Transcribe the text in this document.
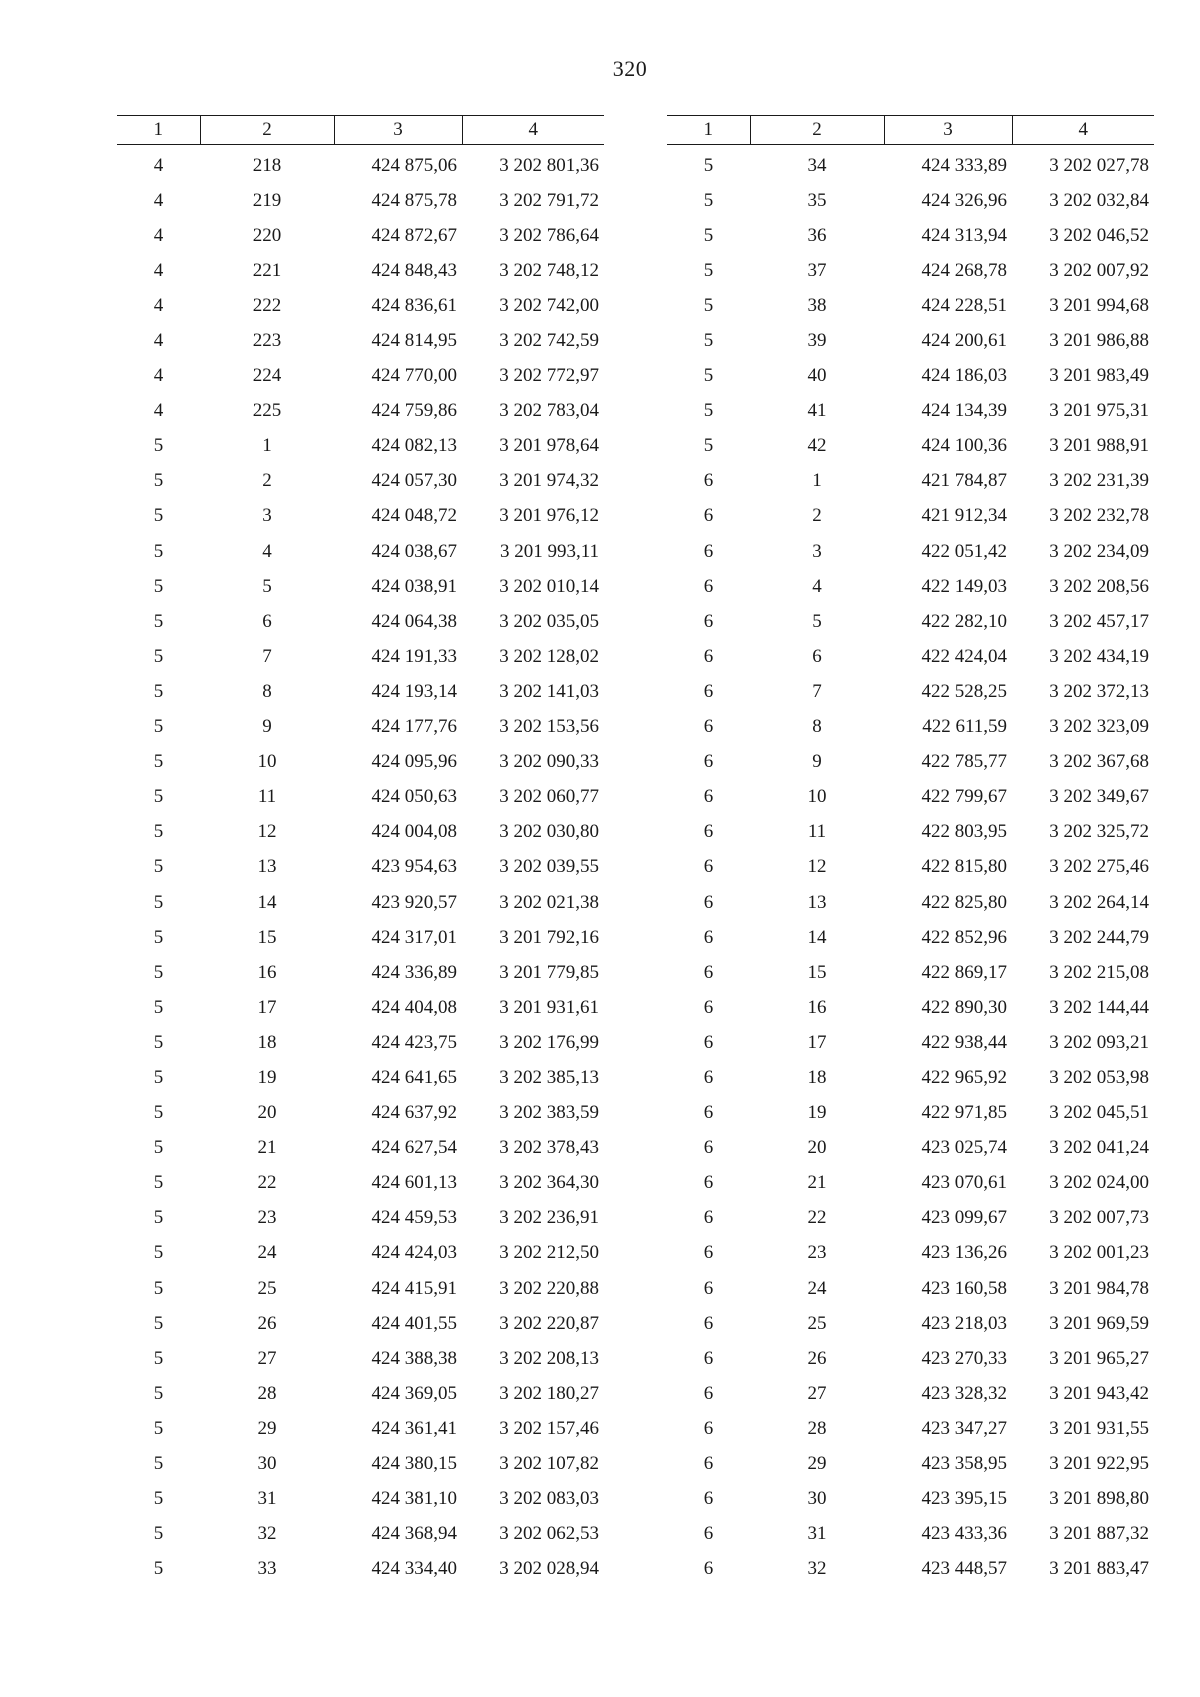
320
1	2	3	4
4	218	424 875,06	3 202 801,36
4	219	424 875,78	3 202 791,72
4	220	424 872,67	3 202 786,64
4	221	424 848,43	3 202 748,12
4	222	424 836,61	3 202 742,00
4	223	424 814,95	3 202 742,59
4	224	424 770,00	3 202 772,97
4	225	424 759,86	3 202 783,04
5	1	424 082,13	3 201 978,64
5	2	424 057,30	3 201 974,32
5	3	424 048,72	3 201 976,12
5	4	424 038,67	3 201 993,11
5	5	424 038,91	3 202 010,14
5	6	424 064,38	3 202 035,05
5	7	424 191,33	3 202 128,02
5	8	424 193,14	3 202 141,03
5	9	424 177,76	3 202 153,56
5	10	424 095,96	3 202 090,33
5	11	424 050,63	3 202 060,77
5	12	424 004,08	3 202 030,80
5	13	423 954,63	3 202 039,55
5	14	423 920,57	3 202 021,38
5	15	424 317,01	3 201 792,16
5	16	424 336,89	3 201 779,85
5	17	424 404,08	3 201 931,61
5	18	424 423,75	3 202 176,99
5	19	424 641,65	3 202 385,13
5	20	424 637,92	3 202 383,59
5	21	424 627,54	3 202 378,43
5	22	424 601,13	3 202 364,30
5	23	424 459,53	3 202 236,91
5	24	424 424,03	3 202 212,50
5	25	424 415,91	3 202 220,88
5	26	424 401,55	3 202 220,87
5	27	424 388,38	3 202 208,13
5	28	424 369,05	3 202 180,27
5	29	424 361,41	3 202 157,46
5	30	424 380,15	3 202 107,82
5	31	424 381,10	3 202 083,03
5	32	424 368,94	3 202 062,53
5	33	424 334,40	3 202 028,94
1	2	3	4
5	34	424 333,89	3 202 027,78
5	35	424 326,96	3 202 032,84
5	36	424 313,94	3 202 046,52
5	37	424 268,78	3 202 007,92
5	38	424 228,51	3 201 994,68
5	39	424 200,61	3 201 986,88
5	40	424 186,03	3 201 983,49
5	41	424 134,39	3 201 975,31
5	42	424 100,36	3 201 988,91
6	1	421 784,87	3 202 231,39
6	2	421 912,34	3 202 232,78
6	3	422 051,42	3 202 234,09
6	4	422 149,03	3 202 208,56
6	5	422 282,10	3 202 457,17
6	6	422 424,04	3 202 434,19
6	7	422 528,25	3 202 372,13
6	8	422 611,59	3 202 323,09
6	9	422 785,77	3 202 367,68
6	10	422 799,67	3 202 349,67
6	11	422 803,95	3 202 325,72
6	12	422 815,80	3 202 275,46
6	13	422 825,80	3 202 264,14
6	14	422 852,96	3 202 244,79
6	15	422 869,17	3 202 215,08
6	16	422 890,30	3 202 144,44
6	17	422 938,44	3 202 093,21
6	18	422 965,92	3 202 053,98
6	19	422 971,85	3 202 045,51
6	20	423 025,74	3 202 041,24
6	21	423 070,61	3 202 024,00
6	22	423 099,67	3 202 007,73
6	23	423 136,26	3 202 001,23
6	24	423 160,58	3 201 984,78
6	25	423 218,03	3 201 969,59
6	26	423 270,33	3 201 965,27
6	27	423 328,32	3 201 943,42
6	28	423 347,27	3 201 931,55
6	29	423 358,95	3 201 922,95
6	30	423 395,15	3 201 898,80
6	31	423 433,36	3 201 887,32
6	32	423 448,57	3 201 883,47
